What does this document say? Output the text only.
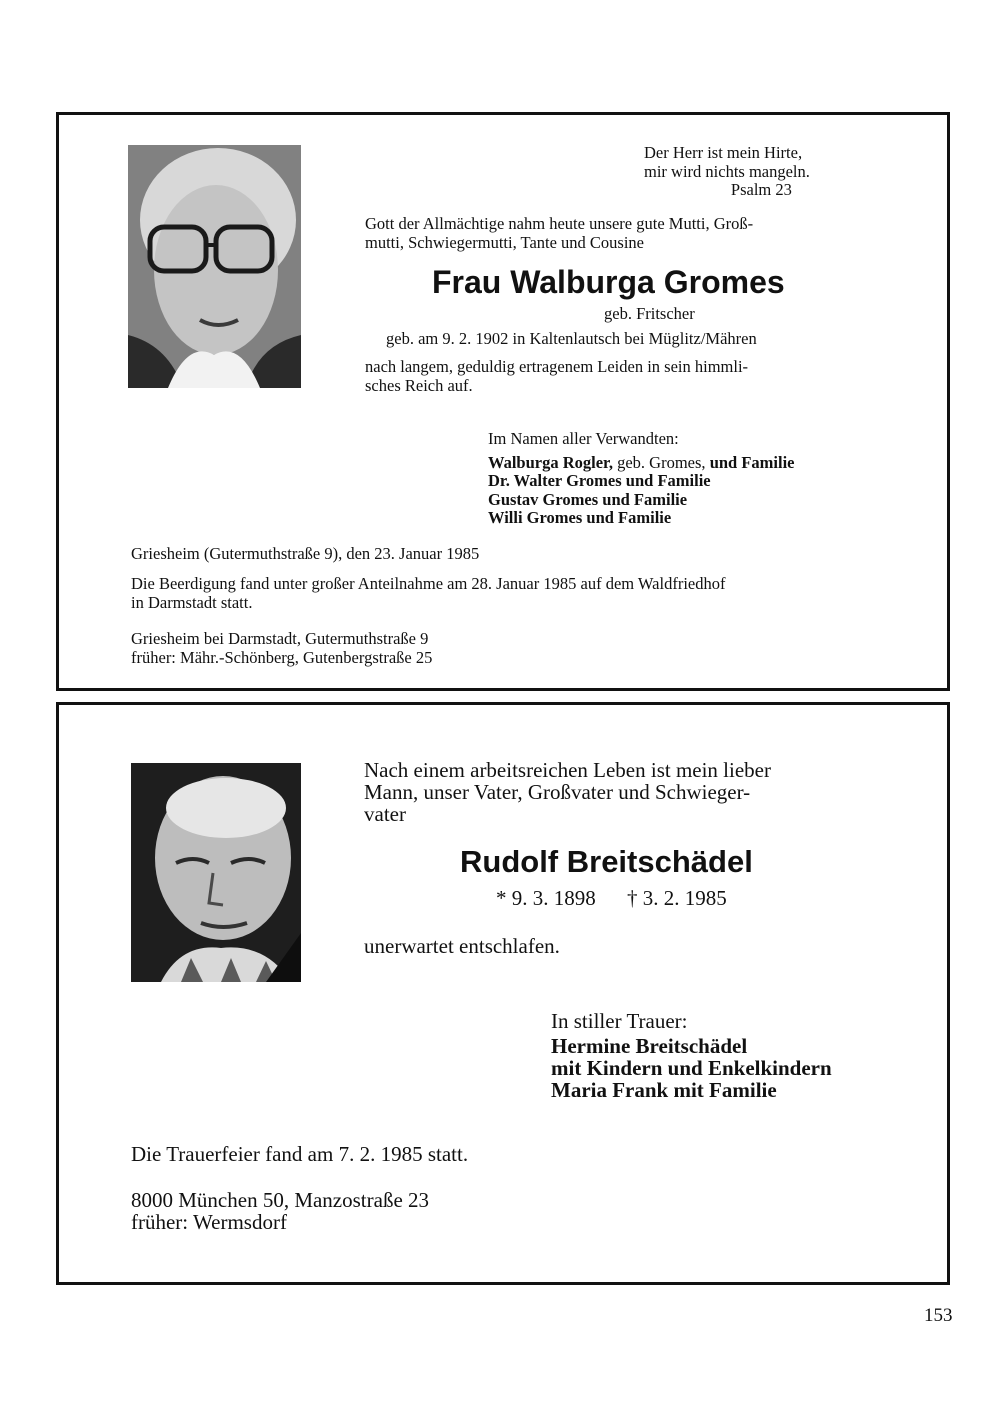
Der Herr ist mein Hirte,
mir wird nichts mangeln.
Psalm 23
Gott der Allmächtige nahm heute unsere gute Mutti, Groß-
mutti, Schwiegermutti, Tante und Cousine
Frau Walburga Gromes
geb. Fritscher
geb. am 9. 2. 1902 in Kaltenlautsch bei Müglitz/Mähren
nach langem, geduldig ertragenem Leiden in sein himmli-
sches Reich auf.
Im Namen aller Verwandten:
Walburga Rogler, geb. Gromes, und Familie
Dr. Walter Gromes und Familie
Gustav Gromes und Familie
Willi Gromes und Familie
Griesheim (Gutermuthstraße 9), den 23. Januar 1985
Die Beerdigung fand unter großer Anteilnahme am 28. Januar 1985 auf dem Waldfriedhof
in Darmstadt statt.
Griesheim bei Darmstadt, Gutermuthstraße 9
früher: Mähr.-Schönberg, Gutenbergstraße 25
Nach einem arbeitsreichen Leben ist mein lieber
Mann, unser Vater, Großvater und Schwieger-
vater
Rudolf Breitschädel
* 9. 3. 1898 † 3. 2. 1985
unerwartet entschlafen.
In stiller Trauer:
Hermine Breitschädel
mit Kindern und Enkelkindern
Maria Frank mit Familie
Die Trauerfeier fand am 7. 2. 1985 statt.
8000 München 50, Manzostraße 23
früher: Wermsdorf
153
